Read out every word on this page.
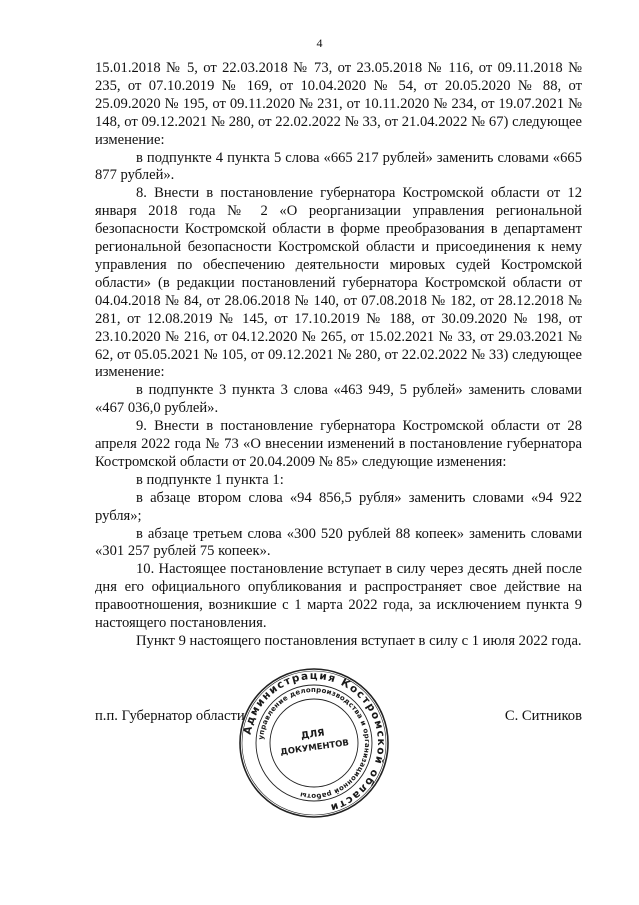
4

15.01.2018 № 5, от 22.03.2018 № 73, от 23.05.2018 № 116, от 09.11.2018 № 235, от 07.10.2019 № 169, от 10.04.2020 № 54, от 20.05.2020 № 88, от 25.09.2020 № 195, от 09.11.2020 № 231, от 10.11.2020 № 234, от 19.07.2021 № 148, от 09.12.2021 № 280, от 22.02.2022 № 33, от 21.04.2022 № 67) следующее изменение:

в подпункте 4 пункта 5 слова «665 217 рублей» заменить словами «665 877 рублей».

8. Внести в постановление губернатора Костромской области от 12 января 2018 года № 2 «О реорганизации управления региональной безопасности Костромской области в форме преобразования в департамент региональной безопасности Костромской области и присоединения к нему управления по обеспечению деятельности мировых судей Костромской области» (в редакции постановлений губернатора Костромской области от 04.04.2018 № 84, от 28.06.2018 № 140, от 07.08.2018 № 182, от 28.12.2018 № 281, от 12.08.2019 № 145, от 17.10.2019 № 188, от 30.09.2020 № 198, от 23.10.2020 № 216, от 04.12.2020 № 265, от 15.02.2021 № 33, от 29.03.2021 № 62, от 05.05.2021 № 105, от 09.12.2021 № 280, от 22.02.2022 № 33) следующее изменение:

в подпункте 3 пункта 3 слова «463 949, 5 рублей» заменить словами «467 036,0 рублей».

9. Внести в постановление губернатора Костромской области от 28 апреля 2022 года № 73 «О внесении изменений в постановление губернатора Костромской области от 20.04.2009 № 85» следующие изменения:

в подпункте 1 пункта 1:

в абзаце втором слова «94 856,5 рубля» заменить словами «94 922 рубля»;

в абзаце третьем слова «300 520 рублей 88 копеек» заменить словами «301 257 рублей 75 копеек».

10. Настоящее постановление вступает в силу через десять дней после дня его официального опубликования и распространяет свое действие на правоотношения, возникшие с 1 марта 2022 года, за исключением пункта 9 настоящего постановления.

Пункт 9 настоящего постановления вступает в силу с 1 июля 2022 года.

п.п. Губернатор области	С. Ситников
Администрация Костромской области
управление делопроизводства и организационной работы
ДЛЯ
ДОКУМЕНТОВ
